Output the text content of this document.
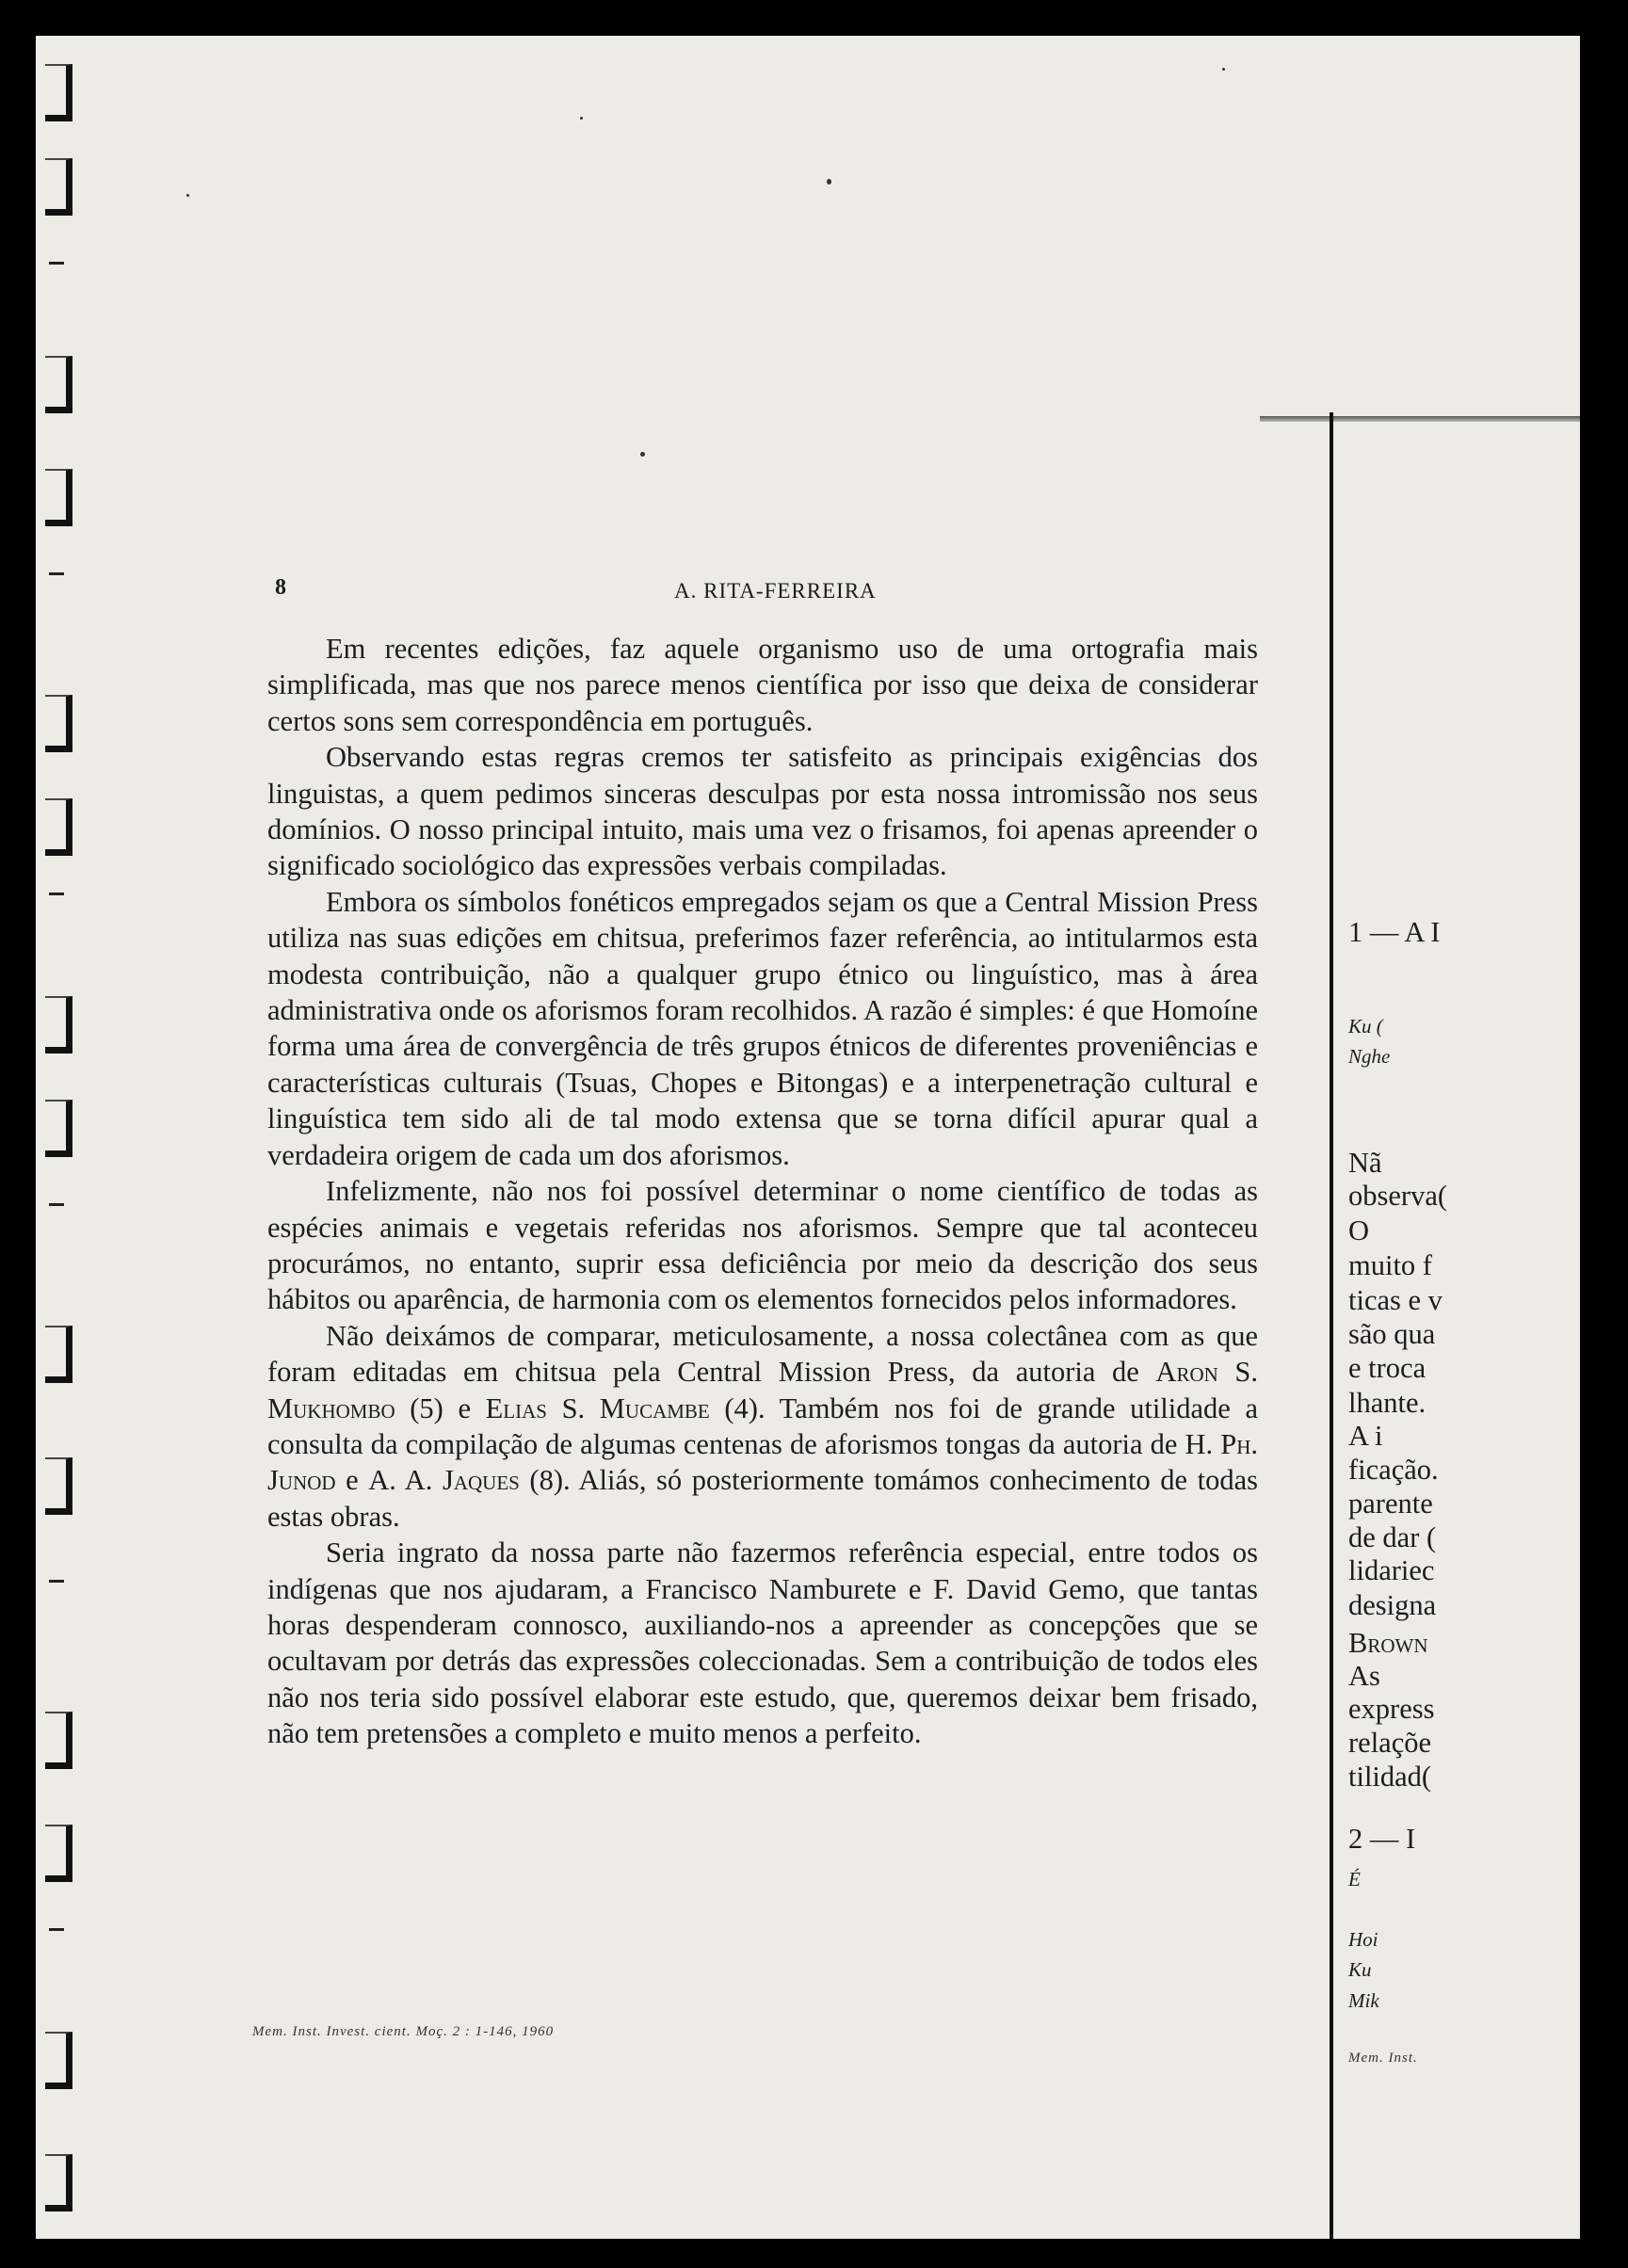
8	A. RITA-FERREIRA

Em recentes edições, faz aquele organismo uso de uma ortografia mais simplificada, mas que nos parece menos científica por isso que deixa de considerar certos sons sem correspondência em português.

Observando estas regras cremos ter satisfeito as principais exigências dos linguistas, a quem pedimos sinceras desculpas por esta nossa intromissão nos seus domínios. O nosso principal intuito, mais uma vez o frisamos, foi apenas apreender o significado sociológico das expressões verbais compiladas.

Embora os símbolos fonéticos empregados sejam os que a Central Mission Press utiliza nas suas edições em chitsua, preferimos fazer referência, ao intitularmos esta modesta contribuição, não a qualquer grupo étnico ou linguístico, mas à área administrativa onde os aforismos foram recolhidos. A razão é simples: é que Homoíne forma uma área de convergência de três grupos étnicos de diferentes proveniências e características culturais (Tsuas, Chopes e Bitongas) e a interpenetração cultural e linguística tem sido ali de tal modo extensa que se torna difícil apurar qual a verdadeira origem de cada um dos aforismos.

Infelizmente, não nos foi possível determinar o nome científico de todas as espécies animais e vegetais referidas nos aforismos. Sempre que tal aconteceu procurámos, no entanto, suprir essa deficiência por meio da descrição dos seus hábitos ou aparência, de harmonia com os elementos fornecidos pelos informadores.

Não deixámos de comparar, meticulosamente, a nossa colectânea com as que foram editadas em chitsua pela Central Mission Press, da autoria de Aron S. Mukhombo (5) e Elias S. Mucambe (4). Também nos foi de grande utilidade a consulta da compilação de algumas centenas de aforismos tongas da autoria de H. Ph. Junod e A. A. Jaques (8). Aliás, só posteriormente tomámos conhecimento de todas estas obras.

Seria ingrato da nossa parte não fazermos referência especial, entre todos os indígenas que nos ajudaram, a Francisco Namburete e F. David Gemo, que tantas horas despenderam connosco, auxiliando-nos a apreender as concepções que se ocultavam por detrás das expressões coleccionadas. Sem a contribuição de todos eles não nos teria sido possível elaborar este estudo, que, queremos deixar bem frisado, não tem pretensões a completo e muito menos a perfeito.

Mem. Inst. Invest. cient. Moç. 2 : 1-146, 1960
1 — A I
Ku (
Nghe
Nã
observa(
O
muito f
ticas e v
são qua
e troca
lhante.
A i
ficação.
parente
de dar (
lidariec
designa
Brown
As
express
relaçõe
tilidad(
2 — I
É
Hoi
Ku
Mik
Mem. Inst.
